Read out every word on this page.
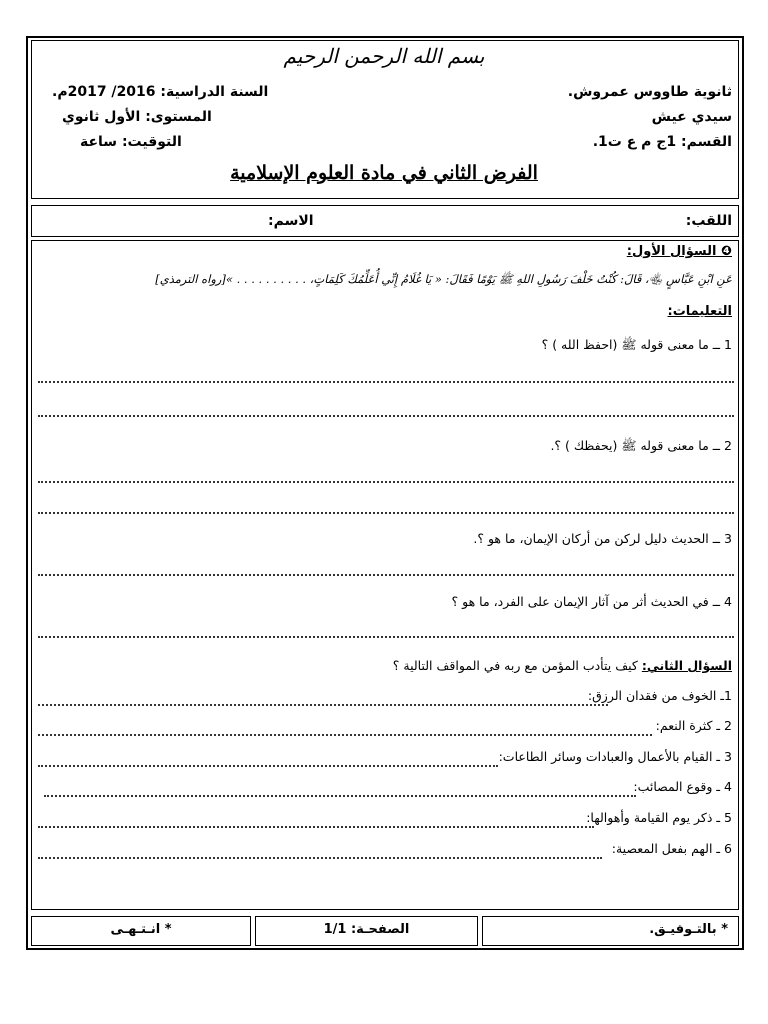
بسم الله الرحمن الرحيم
ثانوية طاووس عمروش.
سيدي عيش
القسم: 1ج م ع ت1.
السنة الدراسية: 2016/ 2017م.
المستوى: الأول ثانوي
التوقيت: ساعة
الفرض الثاني في مادة العلوم الإسلامية
اللقب:
الاسم:
❹ السؤال الأول:
عَنِ ابْنِ عَبَّاسٍ ﵄، قَالَ: كُنْتُ خَلْفَ رَسُولِ اللهِ ﷺ يَوْمًا فَقَالَ: « يَا غُلَامُ إِنِّي أُعَلِّمُكَ كَلِمَاتٍ، . . . . . . . . . . »[رواه الترمذي]
التعليمات:
1 ــ ما معنى قوله ﷺ (احفظ الله ) ؟
2 ــ ما معنى قوله ﷺ (يحفظك ) ؟.
3 ــ الحديث دليل لركن من أركان الإيمان، ما هو ؟.
4 ــ في الحديث أثر من آثار الإيمان على الفرد، ما هو ؟
السؤال الثاني: كيف يتأدب المؤمن مع ربه في المواقف التالية ؟
1ـ الخوف من فقدان الرزق:
2 ـ كثرة النعم:
3 ـ القيام بالأعمال والعبادات وسائر الطاعات:
4 ـ وقوع المصائب:
5 ـ ذكر يوم القيامة وأهوالها:
6 ـ الهم بفعل المعصية:
* بالتـوفيـق.
الصفحـة: 1/1
* انـتـهـى
